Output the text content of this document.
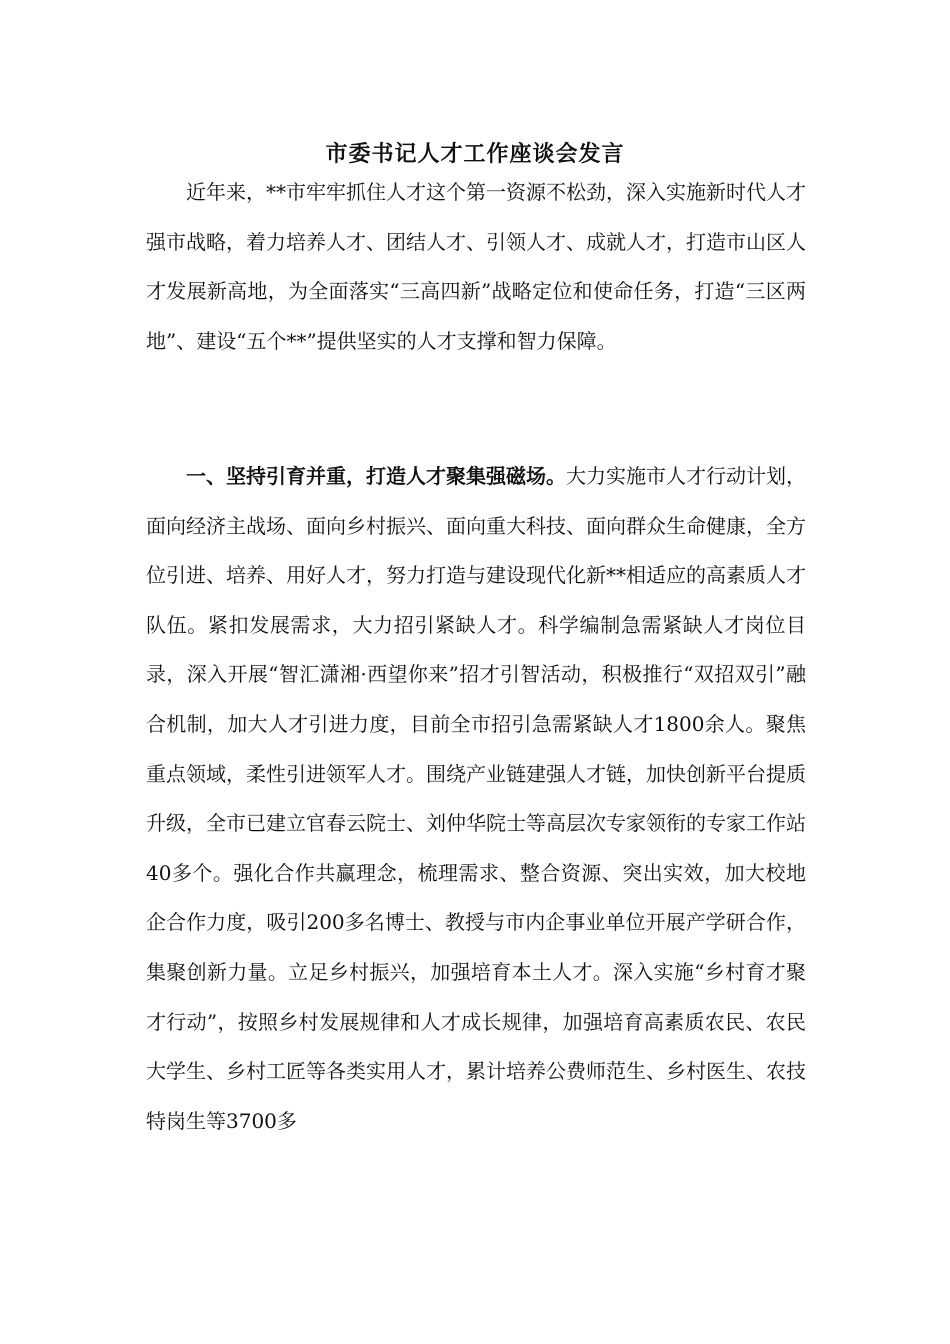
市委书记人才工作座谈会发言
近年来，**市牢牢抓住人才这个第一资源不松劲，深入实施新时代人才强市战略，着力培养人才、团结人才、引领人才、成就人才，打造市山区人才发展新高地，为全面落实“三高四新”战略定位和使命任务，打造“三区两地”、建设“五个**”提供坚实的人才支撑和智力保障。
一、坚持引育并重，打造人才聚集强磁场。大力实施市人才行动计划，面向经济主战场、面向乡村振兴、面向重大科技、面向群众生命健康，全方位引进、培养、用好人才，努力打造与建设现代化新**相适应的高素质人才队伍。紧扣发展需求，大力招引紧缺人才。科学编制急需紧缺人才岗位目录，深入开展“智汇潇湘·西望你来”招才引智活动，积极推行“双招双引”融合机制，加大人才引进力度，目前全市招引急需紧缺人才1800余人。聚焦重点领域，柔性引进领军人才。围绕产业链建强人才链，加快创新平台提质升级，全市已建立官春云院士、刘仲华院士等高层次专家领衔的专家工作站40多个。强化合作共赢理念，梳理需求、整合资源、突出实效，加大校地企合作力度，吸引200多名博士、教授与市内企事业单位开展产学研合作，集聚创新力量。立足乡村振兴，加强培育本土人才。深入实施“乡村育才聚才行动”，按照乡村发展规律和人才成长规律，加强培育高素质农民、农民大学生、乡村工匠等各类实用人才，累计培养公费师范生、乡村医生、农技特岗生等3700多
